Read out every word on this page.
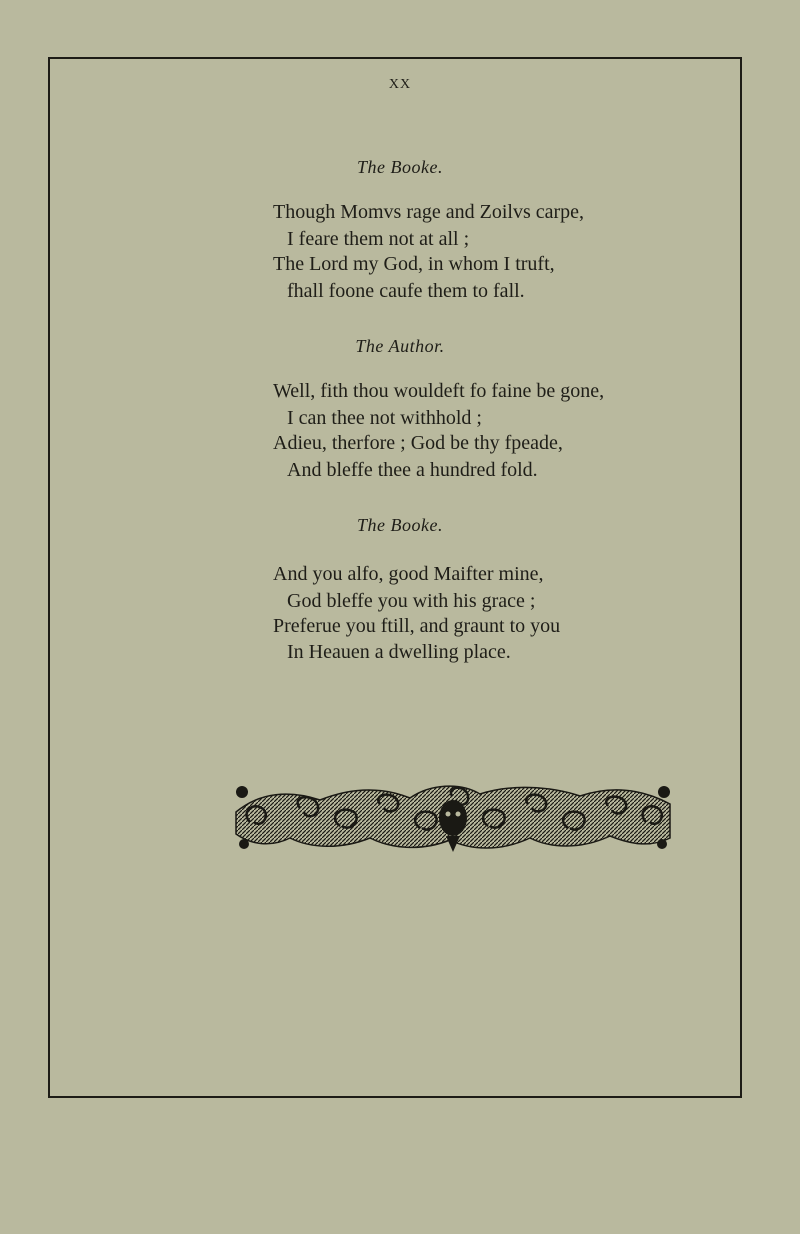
XX
The Booke.
Though Momvs rage and Zoilvs carpe,
I feare them not at all ;
The Lord my God, in whom I truft,
fhall foone caufe them to fall.
The Author.
Well, fith thou wouldeft fo faine be gone,
I can thee not withhold ;
Adieu, therfore ; God be thy fpeade,
And bleffe thee a hundred fold.
The Booke.
And you alfo, good Maifter mine,
God bleffe you with his grace ;
Preferue you ftill, and graunt to you
In Heauen a dwelling place.
